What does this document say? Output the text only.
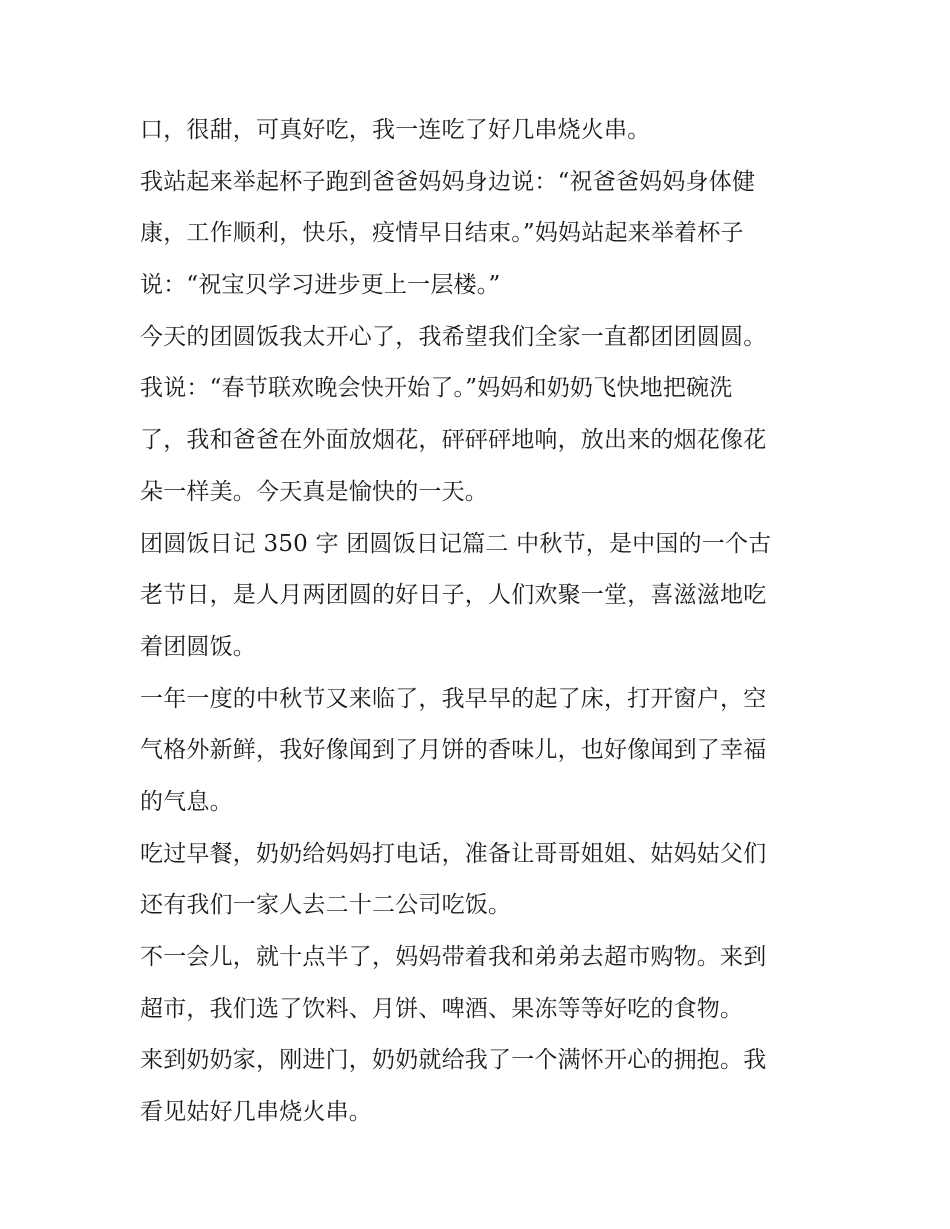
口，很甜，可真好吃，我一连吃了好几串烧火串。
我站起来举起杯子跑到爸爸妈妈身边说：“祝爸爸妈妈身体健
康，工作顺利，快乐，疫情早日结束。”妈妈站起来举着杯子
说：“祝宝贝学习进步更上一层楼。”
今天的团圆饭我太开心了，我希望我们全家一直都团团圆圆。
我说：“春节联欢晚会快开始了。”妈妈和奶奶飞快地把碗洗
了，我和爸爸在外面放烟花，砰砰砰地响，放出来的烟花像花
朵一样美。今天真是愉快的一天。
团圆饭日记 350 字 团圆饭日记篇二 中秋节，是中国的一个古
老节日，是人月两团圆的好日子，人们欢聚一堂，喜滋滋地吃
着团圆饭。
一年一度的中秋节又来临了，我早早的起了床，打开窗户，空
气格外新鲜，我好像闻到了月饼的香味儿，也好像闻到了幸福
的气息。
吃过早餐，奶奶给妈妈打电话，准备让哥哥姐姐、姑妈姑父们
还有我们一家人去二十二公司吃饭。
不一会儿，就十点半了，妈妈带着我和弟弟去超市购物。来到
超市，我们选了饮料、月饼、啤酒、果冻等等好吃的食物。
来到奶奶家，刚进门，奶奶就给我了一个满怀开心的拥抱。我
看见姑好几串烧火串。
